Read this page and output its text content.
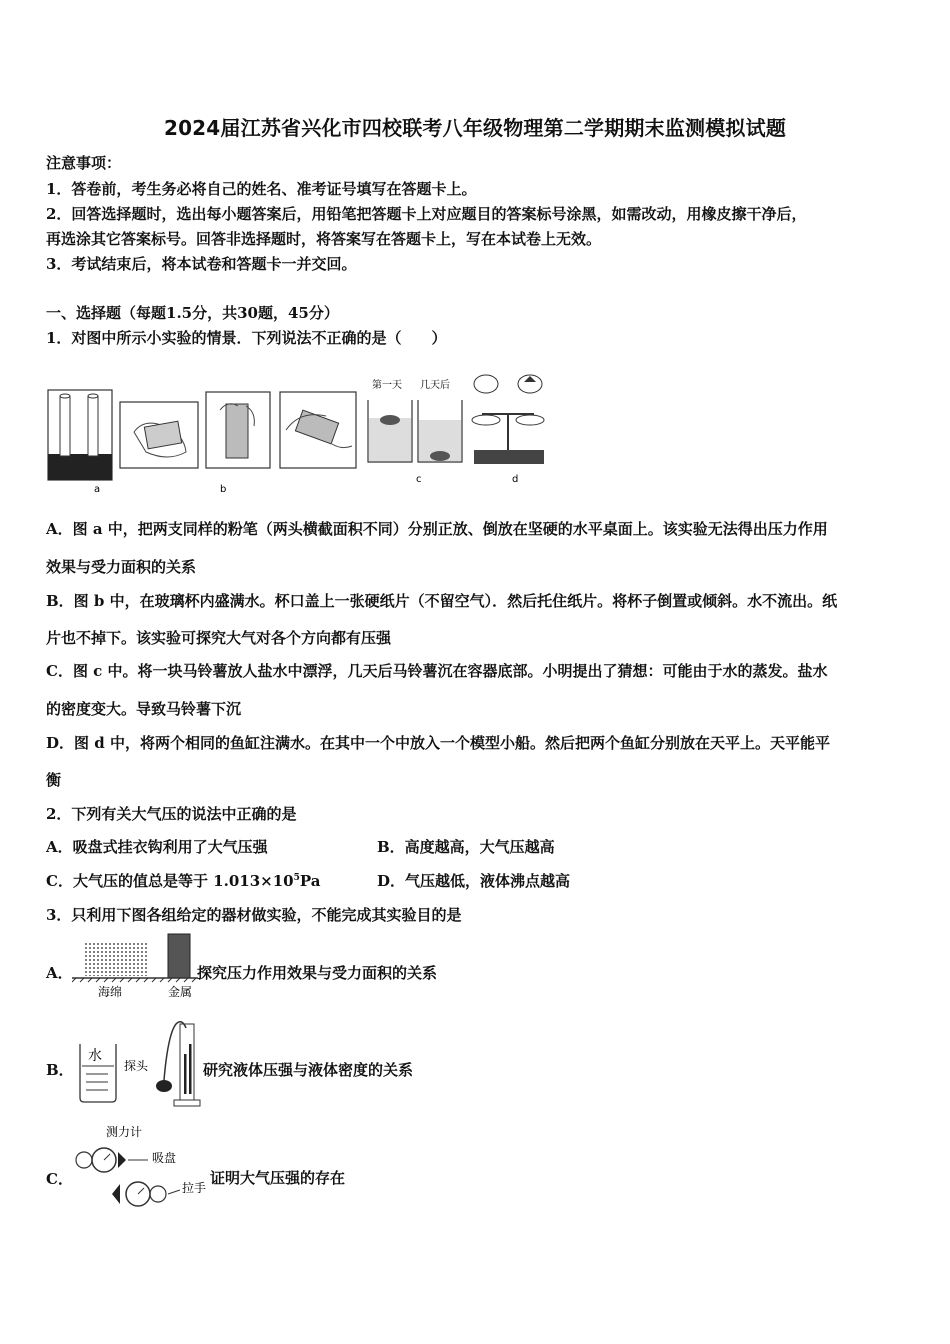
2024届江苏省兴化市四校联考八年级物理第二学期期末监测模拟试题
注意事项：
1．答卷前，考生务必将自己的姓名、准考证号填写在答题卡上。
2．回答选择题时，选出每小题答案后，用铅笔把答题卡上对应题目的答案标号涂黑，如需改动，用橡皮擦干净后，
再选涂其它答案标号。回答非选择题时，将答案写在答题卡上，写在本试卷上无效。
3．考试结束后，将本试卷和答题卡一并交回。
一、选择题（每题1.5分，共30题，45分）
1．对图中所示小实验的情景．下列说法不正确的是（　　）
第一天 几天后
a	b
c	d
A．图 a 中，把两支同样的粉笔（两头横截面积不同）分别正放、倒放在坚硬的水平桌面上。该实验无法得出压力作用
效果与受力面积的关系
B．图 b 中，在玻璃杯内盛满水。杯口盖上一张硬纸片（不留空气）．然后托住纸片。将杯子倒置或倾斜。水不流出。纸
片也不掉下。该实验可探究大气对各个方向都有压强
C．图 c 中。将一块马铃薯放人盐水中漂浮，几天后马铃薯沉在容器底部。小明提出了猜想：可能由于水的蒸发。盐水
的密度变大。导致马铃薯下沉
D．图 d 中，将两个相同的鱼缸注满水。在其中一个中放入一个模型小船。然后把两个鱼缸分别放在天平上。天平能平
衡
2．下列有关大气压的说法中正确的是
A．吸盘式挂衣钩利用了大气压强	B．高度越高，大气压越高
C．大气压的值总是等于 $1.013\times 10^5Pa$	D．气压越低，液体沸点越高
3．只利用下图各组给定的器材做实验，不能完成其实验目的是
A．
海绵	金属
探究压力作用效果与受力面积的关系
B．
水
探头	研究液体压强与液体密度的关系
C．
测力计
吸盘
拉手
证明大气压强的存在
